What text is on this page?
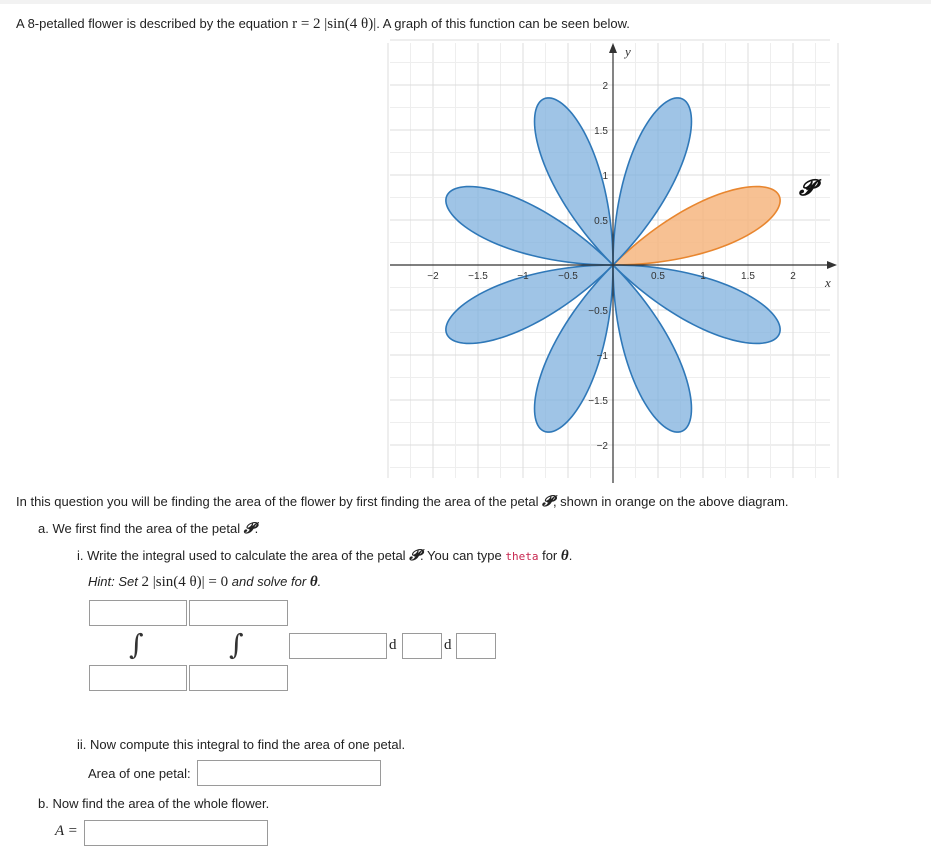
A 8-petalled flower is described by the equation r = 2 |sin(4 θ)|. A graph of this function can be seen below.
−2	−1.5	−1	−0.5	0.5	1	1.5	2
2
1.5
1
0.5
−0.5
−1
−1.5
−2
x
y
𝓟
In this question you will be finding the area of the flower by first finding the area of the petal 𝓟, shown in orange on the above diagram.
a. We first find the area of the petal 𝓟.
i. Write the integral used to calculate the area of the petal 𝓟. You can type theta for θ.
Hint: Set 2 |sin(4 θ)| = 0 and solve for θ.
∫	∫	d	d
ii. Now compute this integral to find the area of one petal.
Area of one petal:
b. Now find the area of the whole flower.
A =
